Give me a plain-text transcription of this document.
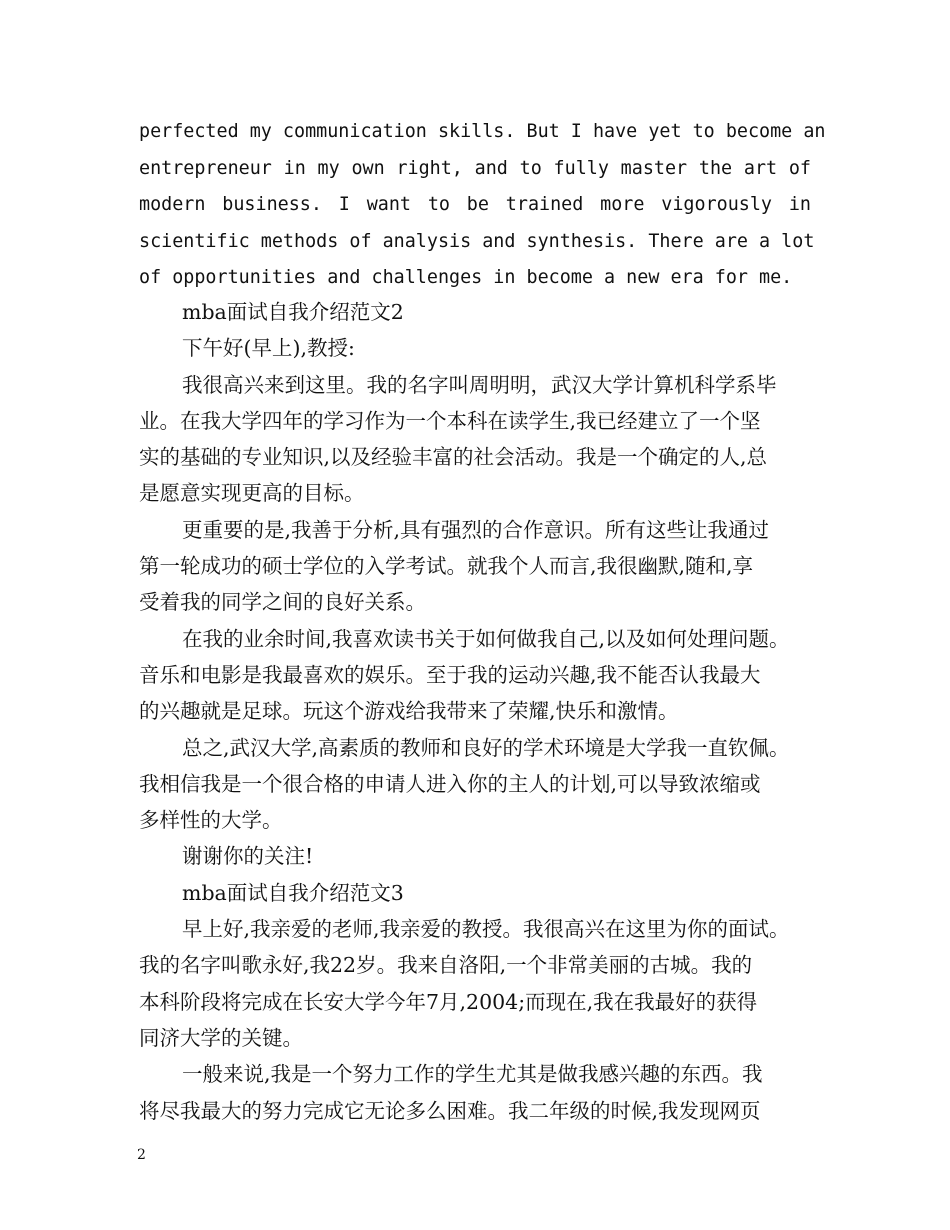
perfected my communication skills. But I have yet to become an
entrepreneur in my own right, and to fully master the art of
modern business. I want to be trained more vigorously in
scientific methods of analysis and synthesis. There are a lot
of opportunities and challenges in become a new era for me.
mba面试自我介绍范文2
下午好(早上),教授:
我很高兴来到这里。我的名字叫周明明，武汉大学计算机科学系毕
业。在我大学四年的学习作为一个本科在读学生,我已经建立了一个坚
实的基础的专业知识,以及经验丰富的社会活动。我是一个确定的人,总
是愿意实现更高的目标。
更重要的是,我善于分析,具有强烈的合作意识。所有这些让我通过
第一轮成功的硕士学位的入学考试。就我个人而言,我很幽默,随和,享
受着我的同学之间的良好关系。
在我的业余时间,我喜欢读书关于如何做我自己,以及如何处理问题。
音乐和电影是我最喜欢的娱乐。至于我的运动兴趣,我不能否认我最大
的兴趣就是足球。玩这个游戏给我带来了荣耀,快乐和激情。
总之,武汉大学,高素质的教师和良好的学术环境是大学我一直钦佩。
我相信我是一个很合格的申请人进入你的主人的计划,可以导致浓缩或
多样性的大学。
谢谢你的关注!
mba面试自我介绍范文3
早上好,我亲爱的老师,我亲爱的教授。我很高兴在这里为你的面试。
我的名字叫歌永好,我22岁。我来自洛阳,一个非常美丽的古城。我的
本科阶段将完成在长安大学今年7月,2004;而现在,我在我最好的获得
同济大学的关键。
一般来说,我是一个努力工作的学生尤其是做我感兴趣的东西。我
将尽我最大的努力完成它无论多么困难。我二年级的时候,我发现网页
2
